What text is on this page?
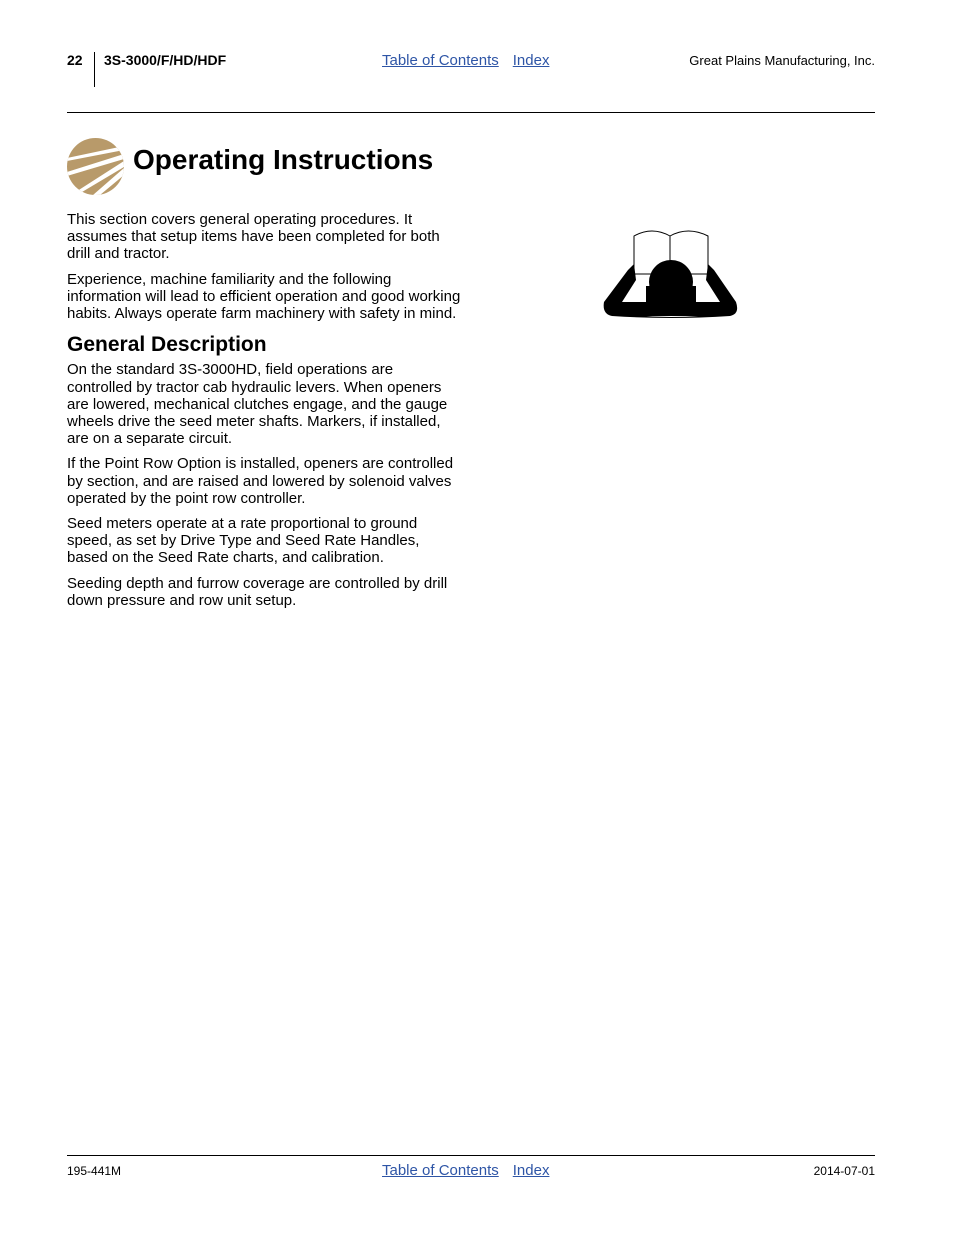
22 3S-3000/F/HD/HDF	Table of Contents Index	Great Plains Manufacturing, Inc.
Operating Instructions

This section covers general operating procedures. It assumes that setup items have been completed for both drill and tractor.

Experience, machine familiarity and the following information will lead to efficient operation and good working habits. Always operate farm machinery with safety in mind.

General Description

On the standard 3S-3000HD, field operations are controlled by tractor cab hydraulic levers. When openers are lowered, mechanical clutches engage, and the gauge wheels drive the seed meter shafts. Markers, if installed, are on a separate circuit.

If the Point Row Option is installed, openers are controlled by section, and are raised and lowered by solenoid valves operated by the point row controller.

Seed meters operate at a rate proportional to ground speed, as set by Drive Type and Seed Rate Handles, based on the Seed Rate charts, and calibration.

Seeding depth and furrow coverage are controlled by drill down pressure and row unit setup.

195-441M	Table of Contents Index	2014-07-01
